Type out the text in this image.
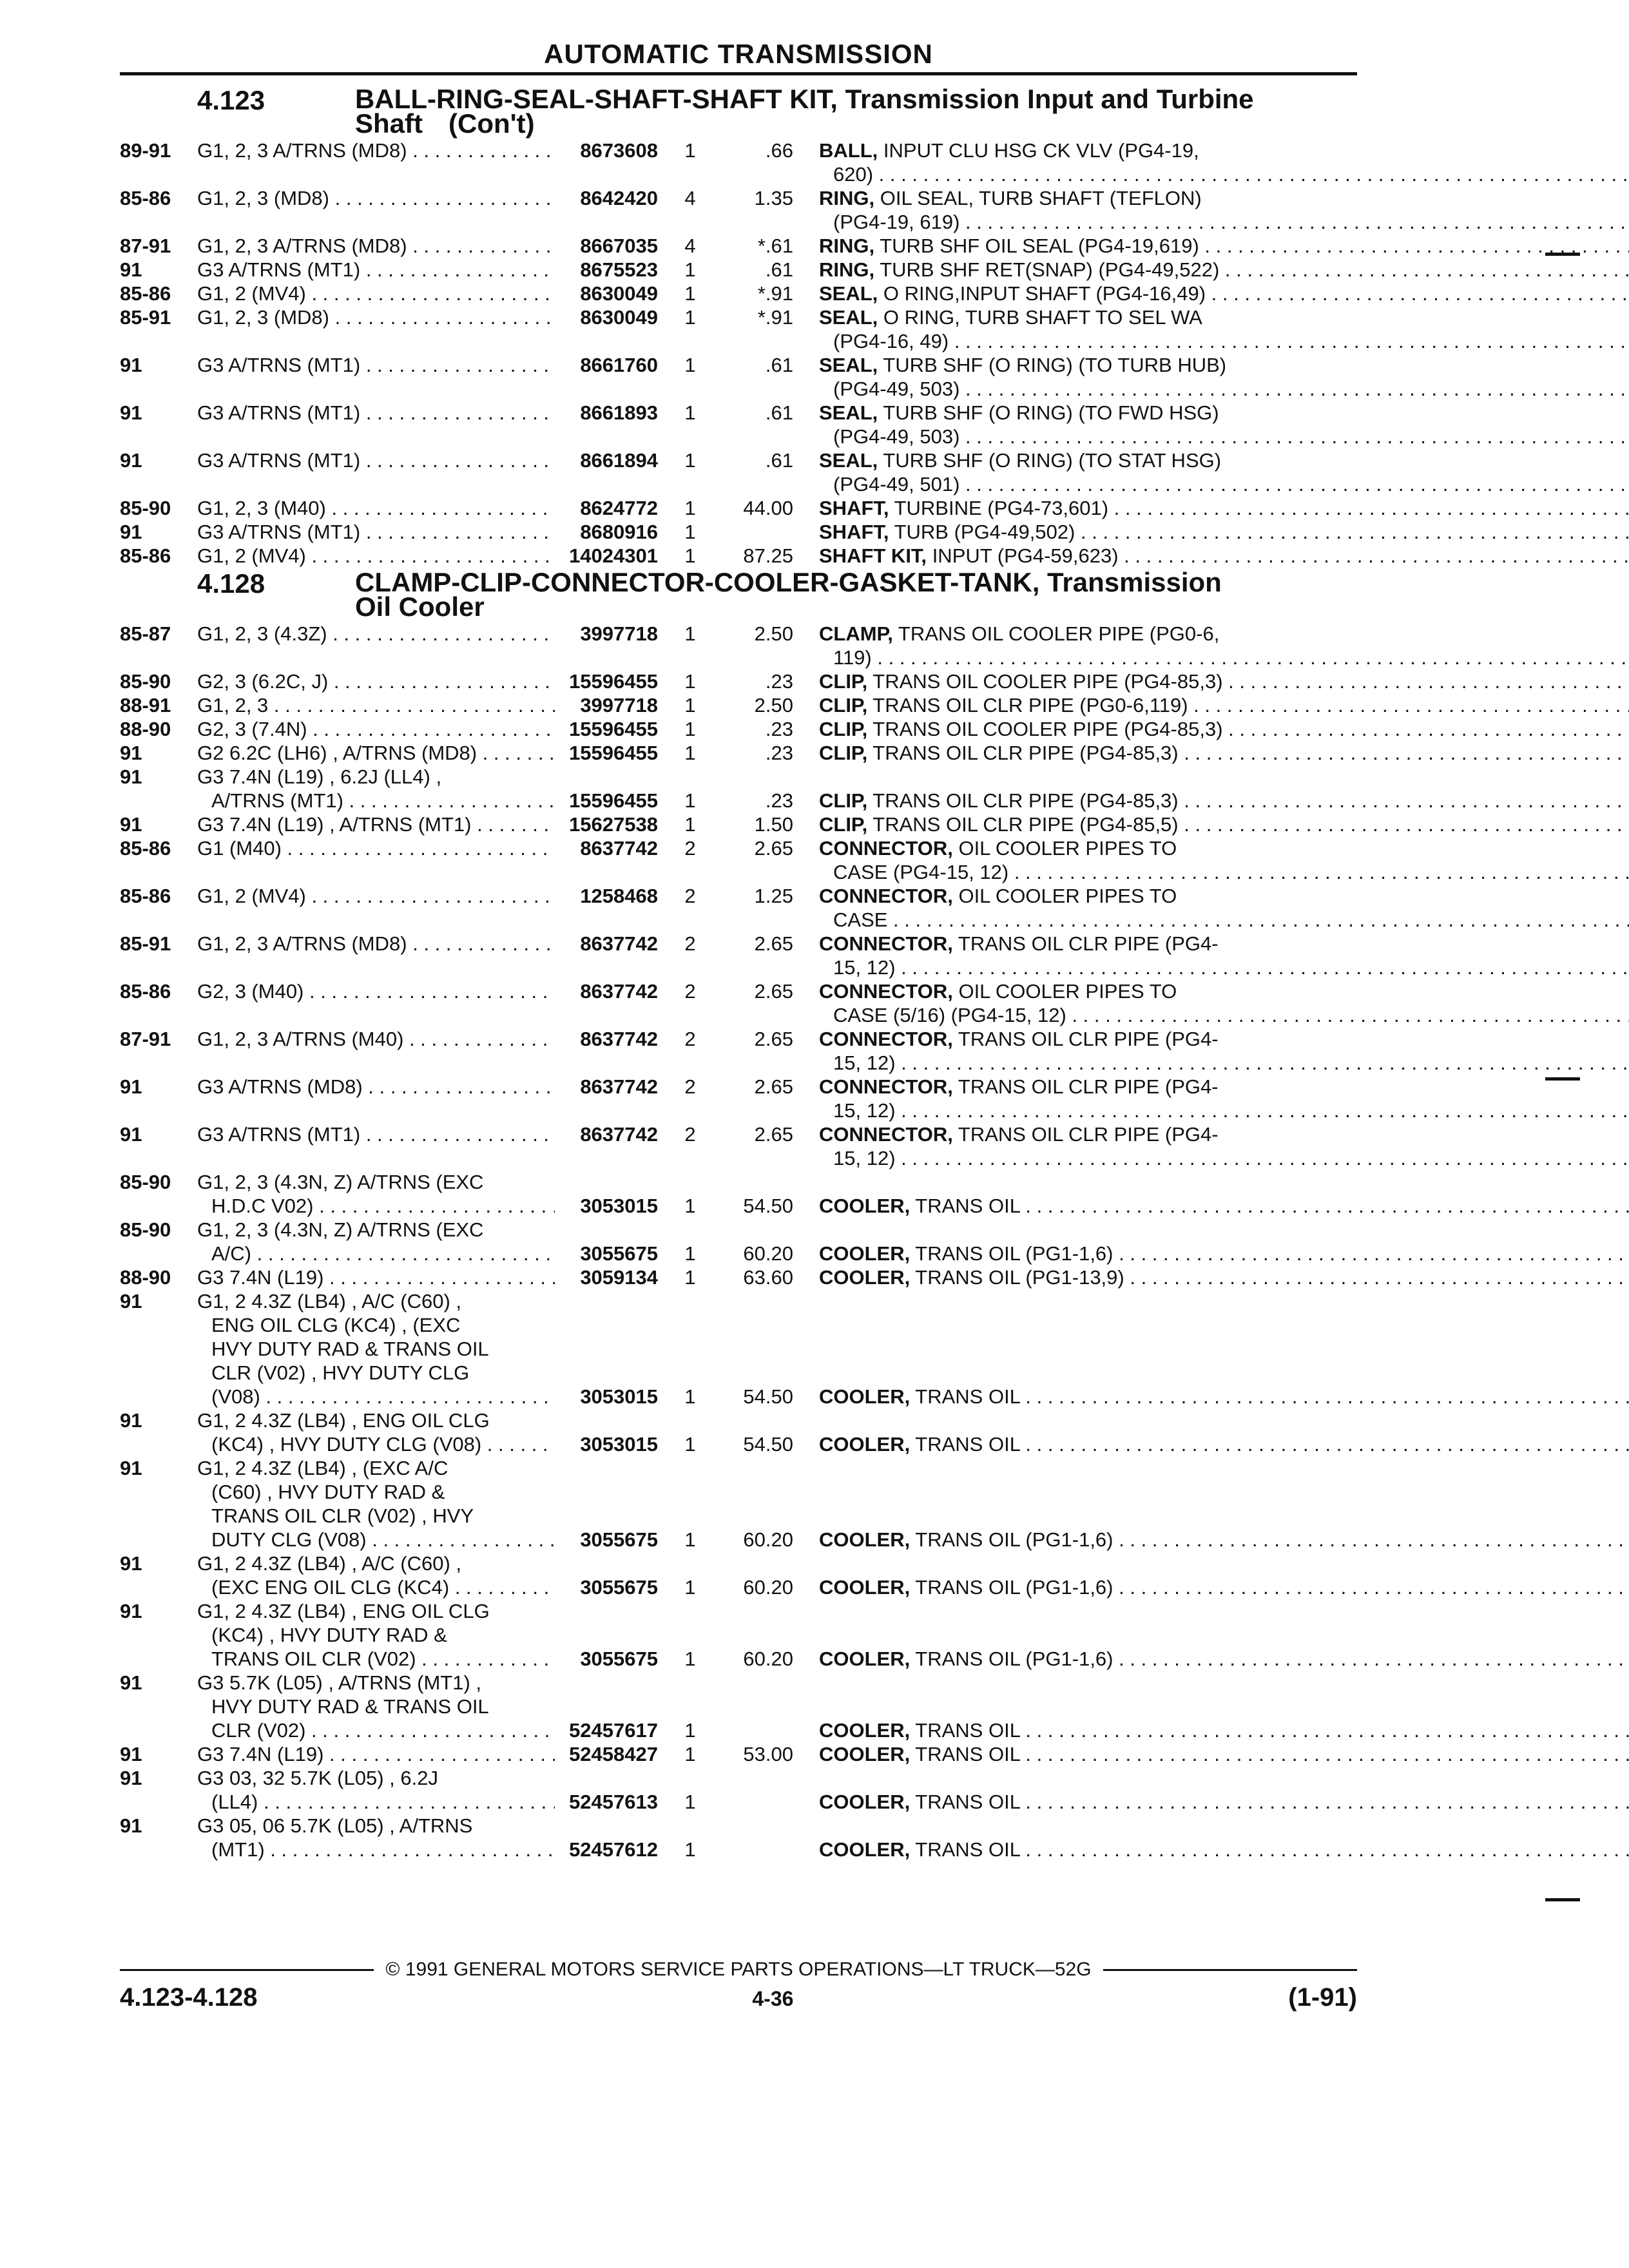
AUTOMATIC TRANSMISSION
4.123	BALL-RING-SEAL-SHAFT-SHAFT KIT, Transmission Input and Turbine
Shaft (Con't)
89-91	G1, 2, 3 A/TRNS (MD8) . . .	8673608	1	.66 BALL, INPUT CLU HSG CK VLV (PG4-19,
620) . . .
85-86	G1, 2, 3 (MD8) . . .	8642420	4	1.35 RING, OIL SEAL, TURB SHAFT (TEFLON)
(PG4-19, 619) . . .
87-91	G1, 2, 3 A/TRNS (MD8) . . .	8667035	4	*.61 RING, TURB SHF OIL SEAL (PG4-19,619) . . .
91	G3 A/TRNS (MT1) . . .	8675523	1	.61 RING, TURB SHF RET(SNAP) (PG4-49,522) . . .
85-86	G1, 2 (MV4) . . .	8630049	1	*.91 SEAL, O RING,INPUT SHAFT (PG4-16,49) . . .
85-91	G1, 2, 3 (MD8) . . .	8630049	1	*.91 SEAL, O RING, TURB SHAFT TO SEL WA
(PG4-16, 49) . . .
91	G3 A/TRNS (MT1) . . .	8661760	1	.61 SEAL, TURB SHF (O RING) (TO TURB HUB)
(PG4-49, 503) . . .
91	G3 A/TRNS (MT1) . . .	8661893	1	.61 SEAL, TURB SHF (O RING) (TO FWD HSG)
(PG4-49, 503) . . .
91	G3 A/TRNS (MT1) . . .	8661894	1	.61 SEAL, TURB SHF (O RING) (TO STAT HSG)
(PG4-49, 501) . . .
85-90	G1, 2, 3 (M40) . . .	8624772	1	44.00 SHAFT, TURBINE (PG4-73,601) . . .
91	G3 A/TRNS (MT1) . . .	8680916	1	SHAFT, TURB (PG4-49,502) . . .
85-86	G1, 2 (MV4) . . .	14024301	1	87.25 SHAFT KIT, INPUT (PG4-59,623) . . .
4.128	CLAMP-CLIP-CONNECTOR-COOLER-GASKET-TANK, Transmission
Oil Cooler
85-87	G1, 2, 3 (4.3Z) . . .	3997718	1	2.50 CLAMP, TRANS OIL COOLER PIPE (PG0-6,
119) . . .
85-90	G2, 3 (6.2C, J) . . .	15596455	1	.23 CLIP, TRANS OIL COOLER PIPE (PG4-85,3) . . .
88-91	G1, 2, 3 . . .	3997718	1	2.50 CLIP, TRANS OIL CLR PIPE (PG0-6,119) . . .
88-90	G2, 3 (7.4N) . . .	15596455	1	.23 CLIP, TRANS OIL COOLER PIPE (PG4-85,3) . . .
91	G2 6.2C (LH6) , A/TRNS (MD8) . . .	15596455	1	.23 CLIP, TRANS OIL CLR PIPE (PG4-85,3) . . .
91	G3 7.4N (L19) , 6.2J (LL4) ,
A/TRNS (MT1) . . .	15596455	1	.23 CLIP, TRANS OIL CLR PIPE (PG4-85,3) . . .
91	G3 7.4N (L19) , A/TRNS (MT1) . . .	15627538	1	1.50 CLIP, TRANS OIL CLR PIPE (PG4-85,5) . . .
85-86	G1 (M40) . . .	8637742	2	2.65 CONNECTOR, OIL COOLER PIPES TO
CASE (PG4-15, 12) . . .
85-86	G1, 2 (MV4) . . .	1258468	2	1.25 CONNECTOR, OIL COOLER PIPES TO
CASE . . .
85-91	G1, 2, 3 A/TRNS (MD8) . . .	8637742	2	2.65 CONNECTOR, TRANS OIL CLR PIPE (PG4-
15, 12) . . .
85-86	G2, 3 (M40) . . .	8637742	2	2.65 CONNECTOR, OIL COOLER PIPES TO
CASE (5/16) (PG4-15, 12) . . .
87-91	G1, 2, 3 A/TRNS (M40) . . .	8637742	2	2.65 CONNECTOR, TRANS OIL CLR PIPE (PG4-
15, 12) . . .
91	G3 A/TRNS (MD8) . . .	8637742	2	2.65 CONNECTOR, TRANS OIL CLR PIPE (PG4-
15, 12) . . .
91	G3 A/TRNS (MT1) . . .	8637742	2	2.65 CONNECTOR, TRANS OIL CLR PIPE (PG4-
15, 12) . . .
85-90	G1, 2, 3 (4.3N, Z) A/TRNS (EXC
H.D.C V02) . . .	3053015	1	54.50 COOLER, TRANS OIL . . .
85-90	G1, 2, 3 (4.3N, Z) A/TRNS (EXC
A/C) . . .	3055675	1	60.20 COOLER, TRANS OIL (PG1-1,6) . . .
88-90	G3 7.4N (L19) . . .	3059134	1	63.60 COOLER, TRANS OIL (PG1-13,9) . . .
91	G1, 2 4.3Z (LB4) , A/C (C60) ,
ENG OIL CLG (KC4) , (EXC
HVY DUTY RAD & TRANS OIL
CLR (V02) , HVY DUTY CLG
(V08) . . .	3053015	1	54.50 COOLER, TRANS OIL . . .
91	G1, 2 4.3Z (LB4) , ENG OIL CLG
(KC4) , HVY DUTY CLG (V08) . . .	3053015	1	54.50 COOLER, TRANS OIL . . .
91	G1, 2 4.3Z (LB4) , (EXC A/C
(C60) , HVY DUTY RAD &
TRANS OIL CLR (V02) , HVY
DUTY CLG (V08) . . .	3055675	1	60.20 COOLER, TRANS OIL (PG1-1,6) . . .
91	G1, 2 4.3Z (LB4) , A/C (C60) ,
(EXC ENG OIL CLG (KC4) . . .	3055675	1	60.20 COOLER, TRANS OIL (PG1-1,6) . . .
91	G1, 2 4.3Z (LB4) , ENG OIL CLG
(KC4) , HVY DUTY RAD &
TRANS OIL CLR (V02) . . .	3055675	1	60.20 COOLER, TRANS OIL (PG1-1,6) . . .
91	G3 5.7K (L05) , A/TRNS (MT1) ,
HVY DUTY RAD & TRANS OIL
CLR (V02) . . .	52457617	1	COOLER, TRANS OIL . . .
91	G3 7.4N (L19) . . .	52458427	1	53.00 COOLER, TRANS OIL . . .
91	G3 03, 32 5.7K (L05) , 6.2J
(LL4) . . .	52457613	1	COOLER, TRANS OIL . . .
91	G3 05, 06 5.7K (L05) , A/TRNS
(MT1) . . .	52457612	1	COOLER, TRANS OIL . . .
© 1991 GENERAL MOTORS SERVICE PARTS OPERATIONS—LT TRUCK—52G
4.123-4.128	4-36	(1-91)
